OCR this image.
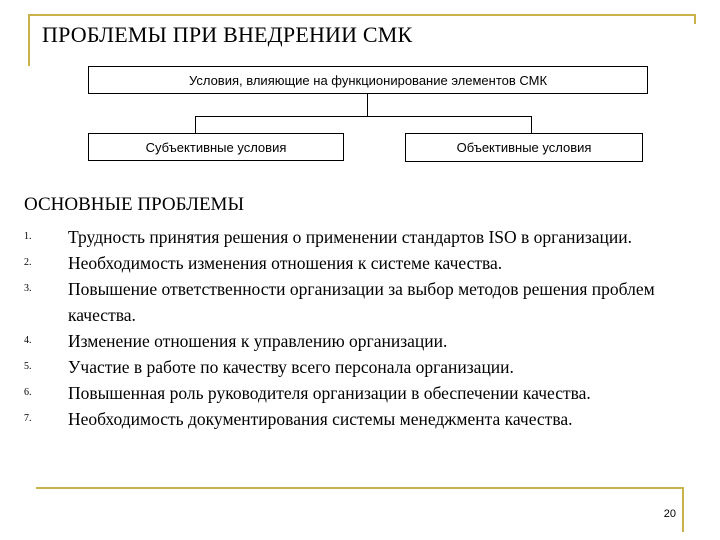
ПРОБЛЕМЫ ПРИ ВНЕДРЕНИИ СМК
Условия, влияющие на функционирование элементов СМК
Субъективные условия	Объективные условия
ОСНОВНЫЕ ПРОБЛЕМЫ
1.	Трудность принятия решения о применении стандартов ISO в организации.
2.	Необходимость изменения отношения к системе качества.
3.	Повышение ответственности организации за выбор методов решения проблем качества.
4.	Изменение отношения к управлению организации.
5.	Участие в работе по качеству всего персонала организации.
6.	Повышенная роль руководителя организации в обеспечении качества.
7.	Необходимость документирования системы менеджмента качества.
20
